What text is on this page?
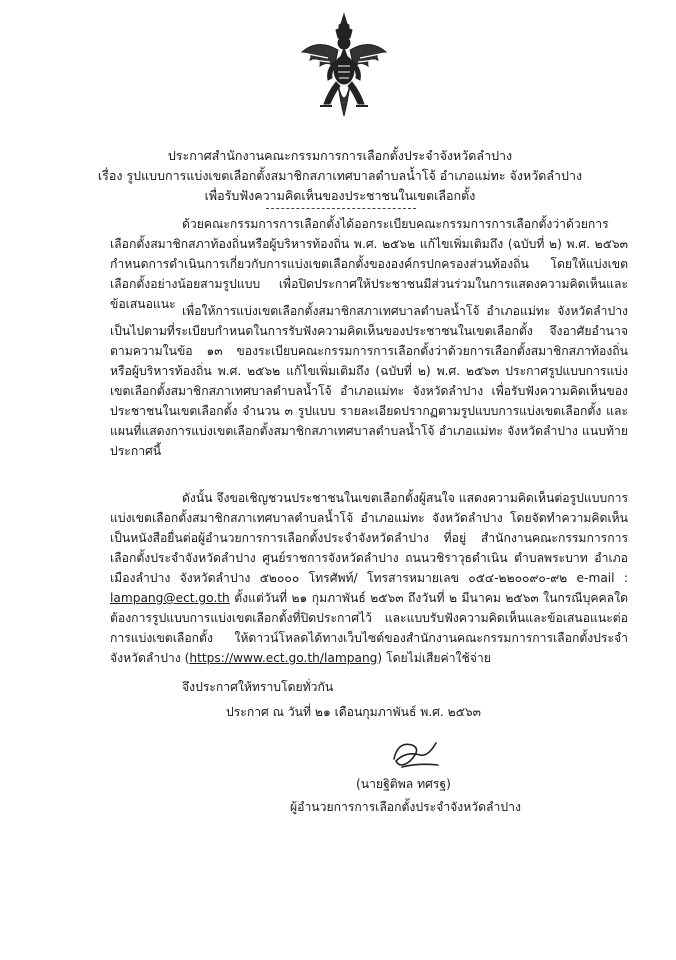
ประกาศสำนักงานคณะกรรมการการเลือกตั้งประจำจังหวัดลำปาง
เรื่อง รูปแบบการแบ่งเขตเลือกตั้งสมาชิกสภาเทศบาลตำบลน้ำโจ้ อำเภอแม่ทะ จังหวัดลำปาง
เพื่อรับฟังความคิดเห็นของประชาชนในเขตเลือกตั้ง

ด้วยคณะกรรมการการเลือกตั้งได้ออกระเบียบคณะกรรมการการเลือกตั้งว่าด้วยการเลือกตั้งสมาชิกสภาท้องถิ่นหรือผู้บริหารท้องถิ่น พ.ศ. ๒๕๖๒ แก้ไขเพิ่มเติมถึง (ฉบับที่ ๒) พ.ศ. ๒๕๖๓ กำหนดการดำเนินการเกี่ยวกับการแบ่งเขตเลือกตั้งขององค์กรปกครองส่วนท้องถิ่น โดยให้แบ่งเขตเลือกตั้งอย่างน้อยสามรูปแบบ เพื่อปิดประกาศให้ประชาชนมีส่วนร่วมในการแสดงความคิดเห็นและข้อเสนอแนะ เพื่อให้การแบ่งเขตเลือกตั้งสมาชิกสภาเทศบาลตำบลน้ำโจ้ อำเภอแม่ทะ จังหวัดลำปาง เป็นไปตามที่ระเบียบกำหนดในการรับฟังความคิดเห็นของประชาชนในเขตเลือกตั้ง จึงอาศัยอำนาจตามความในข้อ ๑๓ ของระเบียบคณะกรรมการการเลือกตั้งว่าด้วยการเลือกตั้งสมาชิกสภาท้องถิ่นหรือผู้บริหารท้องถิ่น พ.ศ. ๒๕๖๒ แก้ไขเพิ่มเติมถึง (ฉบับที่ ๒) พ.ศ. ๒๕๖๓ ประกาศรูปแบบการแบ่งเขตเลือกตั้งสมาชิกสภาเทศบาลตำบลน้ำโจ้ อำเภอแม่ทะ จังหวัดลำปาง เพื่อรับฟังความคิดเห็นของประชาชนในเขตเลือกตั้ง จำนวน ๓ รูปแบบ รายละเอียดปรากฏตามรูปแบบการแบ่งเขตเลือกตั้ง และแผนที่แสดงการแบ่งเขตเลือกตั้งสมาชิกสภาเทศบาลตำบลน้ำโจ้ อำเภอแม่ทะ จังหวัดลำปาง แนบท้ายประกาศนี้

ดังนั้น จึงขอเชิญชวนประชาชนในเขตเลือกตั้งผู้สนใจ แสดงความคิดเห็นต่อรูปแบบการแบ่งเขตเลือกตั้งสมาชิกสภาเทศบาลตำบลน้ำโจ้ อำเภอแม่ทะ จังหวัดลำปาง โดยจัดทำความคิดเห็นเป็นหนังสือยื่นต่อผู้อำนวยการการเลือกตั้งประจำจังหวัดลำปาง ที่อยู่ สำนักงานคณะกรรมการการเลือกตั้งประจำจังหวัดลำปาง ศูนย์ราชการจังหวัดลำปาง ถนนวชิราวุธดำเนิน ตำบลพระบาท อำเภอเมืองลำปาง จังหวัดลำปาง ๕๒๐๐๐ โทรศัพท์/ โทรสารหมายเลข ๐๕๔-๒๒๐๐๙๐-๙๒ e-mail : lampang@ect.go.th ตั้งแต่วันที่ ๒๑ กุมภาพันธ์ ๒๕๖๓ ถึงวันที่ ๒ มีนาคม ๒๕๖๓ ในกรณีบุคคลใดต้องการรูปแบบการแบ่งเขตเลือกตั้งที่ปิดประกาศไว้ และแบบรับฟังความคิดเห็นและข้อเสนอแนะต่อการแบ่งเขตเลือกตั้ง ให้ดาวน์โหลดได้ทางเว็บไซต์ของสำนักงานคณะกรรมการการเลือกตั้งประจำจังหวัดลำปาง (https://www.ect.go.th/lampang) โดยไม่เสียค่าใช้จ่าย

จึงประกาศให้ทราบโดยทั่วกัน
ประกาศ ณ วันที่ ๒๑ เดือนกุมภาพันธ์ พ.ศ. ๒๕๖๓
(นายฐิติพล ทศรฐ)
ผู้อำนวยการการเลือกตั้งประจำจังหวัดลำปาง
